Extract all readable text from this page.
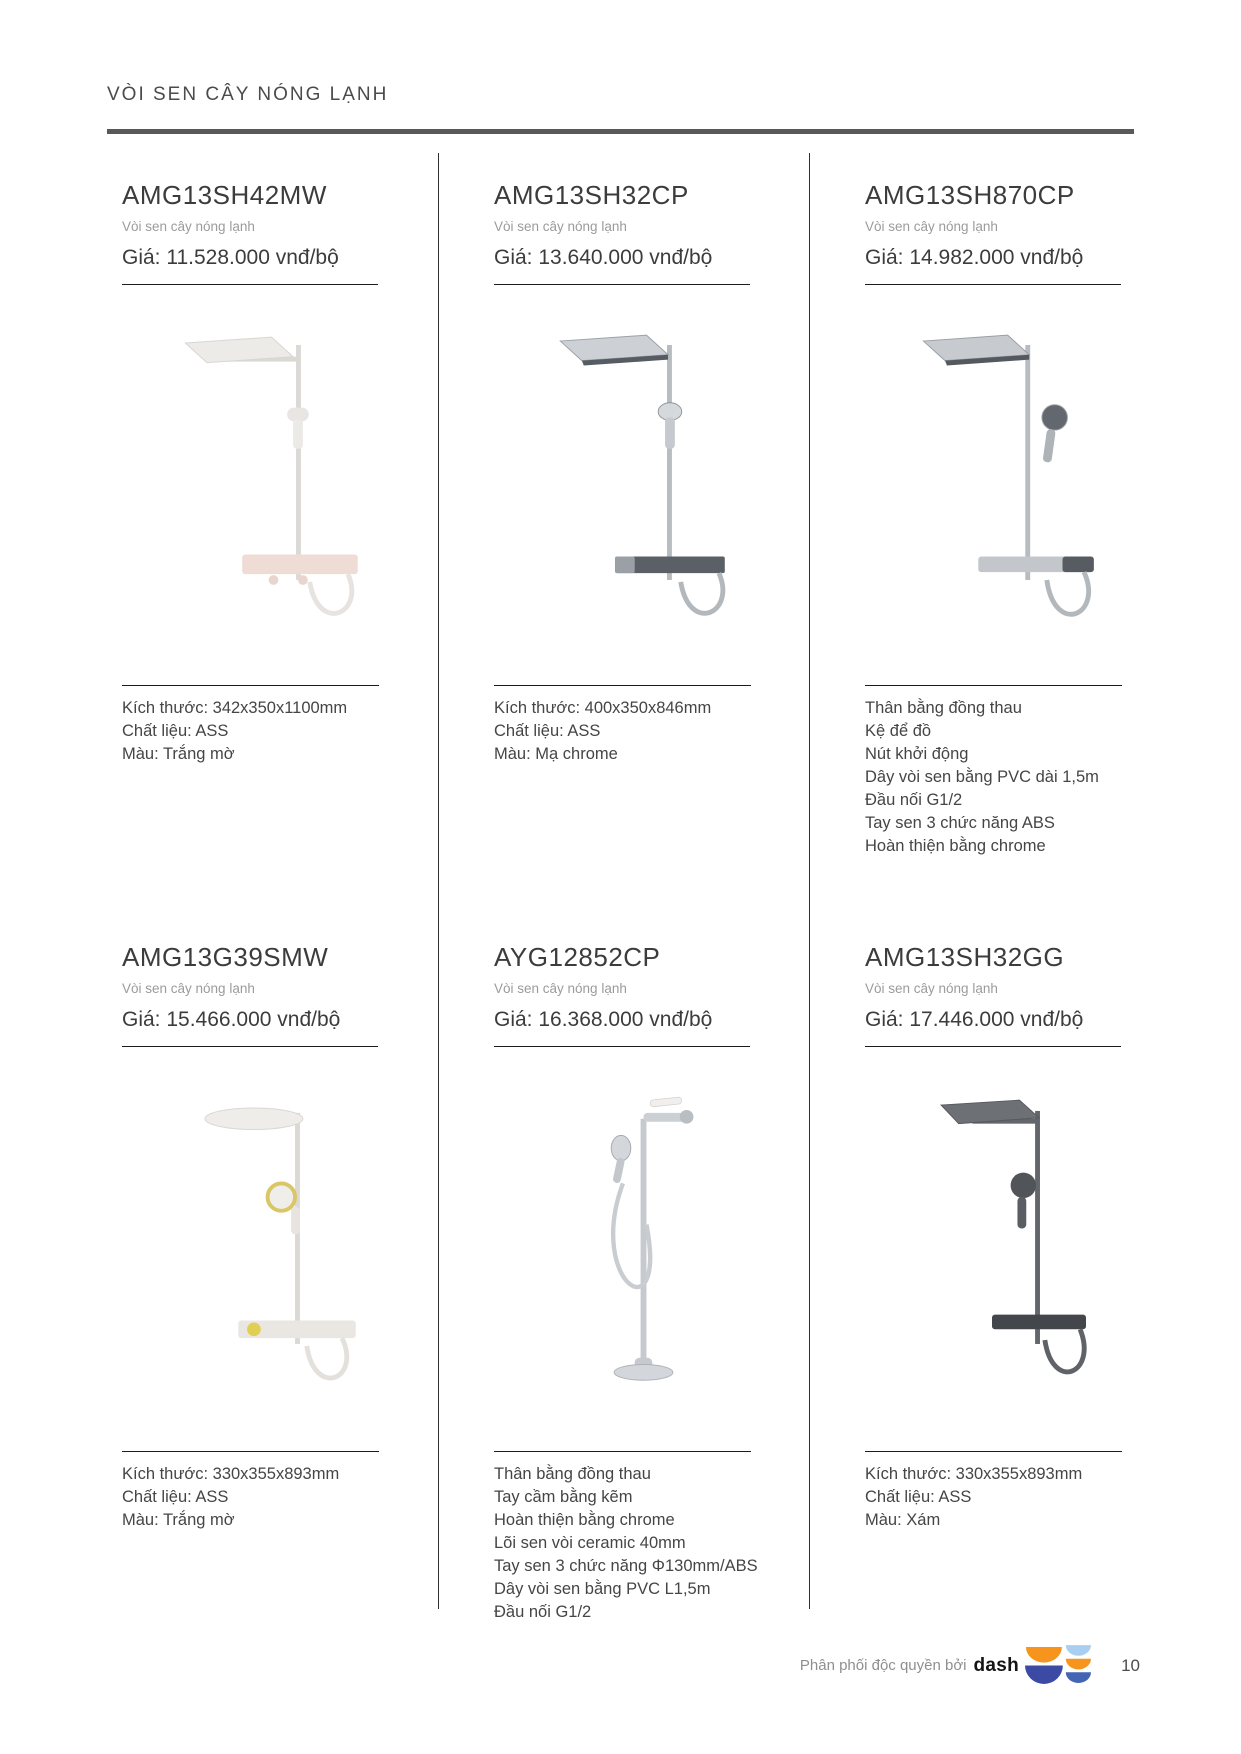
VÒI SEN CÂY NÓNG LẠNH
AMG13SH42MW
Vòi sen cây nóng lạnh
Giá: 11.528.000 vnđ/bộ
Kích thước: 342x350x1100mm
Chất liệu: ASS
Màu: Trắng mờ
AMG13SH32CP
Vòi sen cây nóng lạnh
Giá: 13.640.000 vnđ/bộ
Kích thước: 400x350x846mm
Chất liệu: ASS
Màu: Mạ chrome
AMG13SH870CP
Vòi sen cây nóng lạnh
Giá: 14.982.000 vnđ/bộ
Thân bằng đồng thau
Kệ để đồ
Nút khởi động
Dây vòi sen bằng PVC dài 1,5m
Đầu nối G1/2
Tay sen 3 chức năng ABS
Hoàn thiện bằng chrome
AMG13G39SMW
Vòi sen cây nóng lạnh
Giá: 15.466.000 vnđ/bộ
Kích thước: 330x355x893mm
Chất liệu: ASS
Màu: Trắng mờ
AYG12852CP
Vòi sen cây nóng lạnh
Giá: 16.368.000 vnđ/bộ
Thân bằng đồng thau
Tay cầm bằng kẽm
Hoàn thiện bằng chrome
Lõi sen vòi ceramic 40mm
Tay sen 3 chức năng Φ130mm/ABS
Dây vòi sen bằng PVC L1,5m
Đầu nối G1/2
AMG13SH32GG
Vòi sen cây nóng lạnh
Giá: 17.446.000 vnđ/bộ
Kích thước: 330x355x893mm
Chất liệu: ASS
Màu: Xám
Phân phối độc quyền bởi dash	10
